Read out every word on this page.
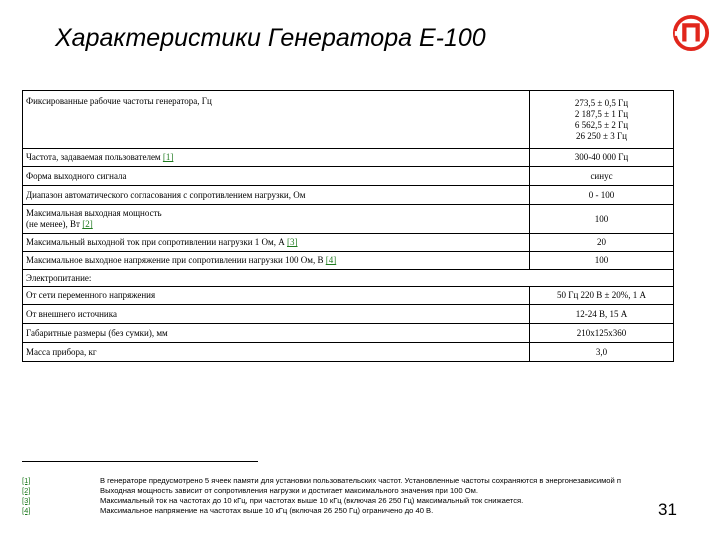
Характеристики Генератора Е-100
Фиксированные рабочие частоты генератора, Гц	273,5 ± 0,5 Гц
2 187,5 ± 1 Гц
6 562,5 ± 2 Гц
26 250 ± 3 Гц
Частота, задаваемая пользователем [1]	300-40 000 Гц
Форма выходного сигнала	синус
Диапазон автоматического согласования с сопротивлением нагрузки, Ом	0 - 100
Максимальная выходная мощность
(не менее), Вт [2]	100
Максимальный выходной ток при сопротивлении нагрузки 1 Ом, А [3]	20
Максимальное выходное напряжение при сопротивлении нагрузки 100 Ом, В [4]	100
Электропитание:	
От сети переменного напряжения	50 Гц 220 В ± 20%, 1 А
От внешнего источника	12-24 В, 15 А
Габаритные размеры (без сумки), мм	210x125x360
Масса прибора, кг	3,0
[1]	В генераторе предусмотрено 5 ячеек памяти для установки пользовательских частот. Установленные частоты сохраняются в энергонезависимой п
[2]	Выходная мощность зависит от сопротивления нагрузки и достигает максимального значения при 100 Ом.
[3]	Максимальный ток на частотах до 10 кГц, при частотах выше 10 кГц (включая 26 250 Гц) максимальный ток снижается.
[4]	Максимальное напряжение на частотах выше 10 кГц (включая 26 250 Гц) ограничено до 40 В.	31
